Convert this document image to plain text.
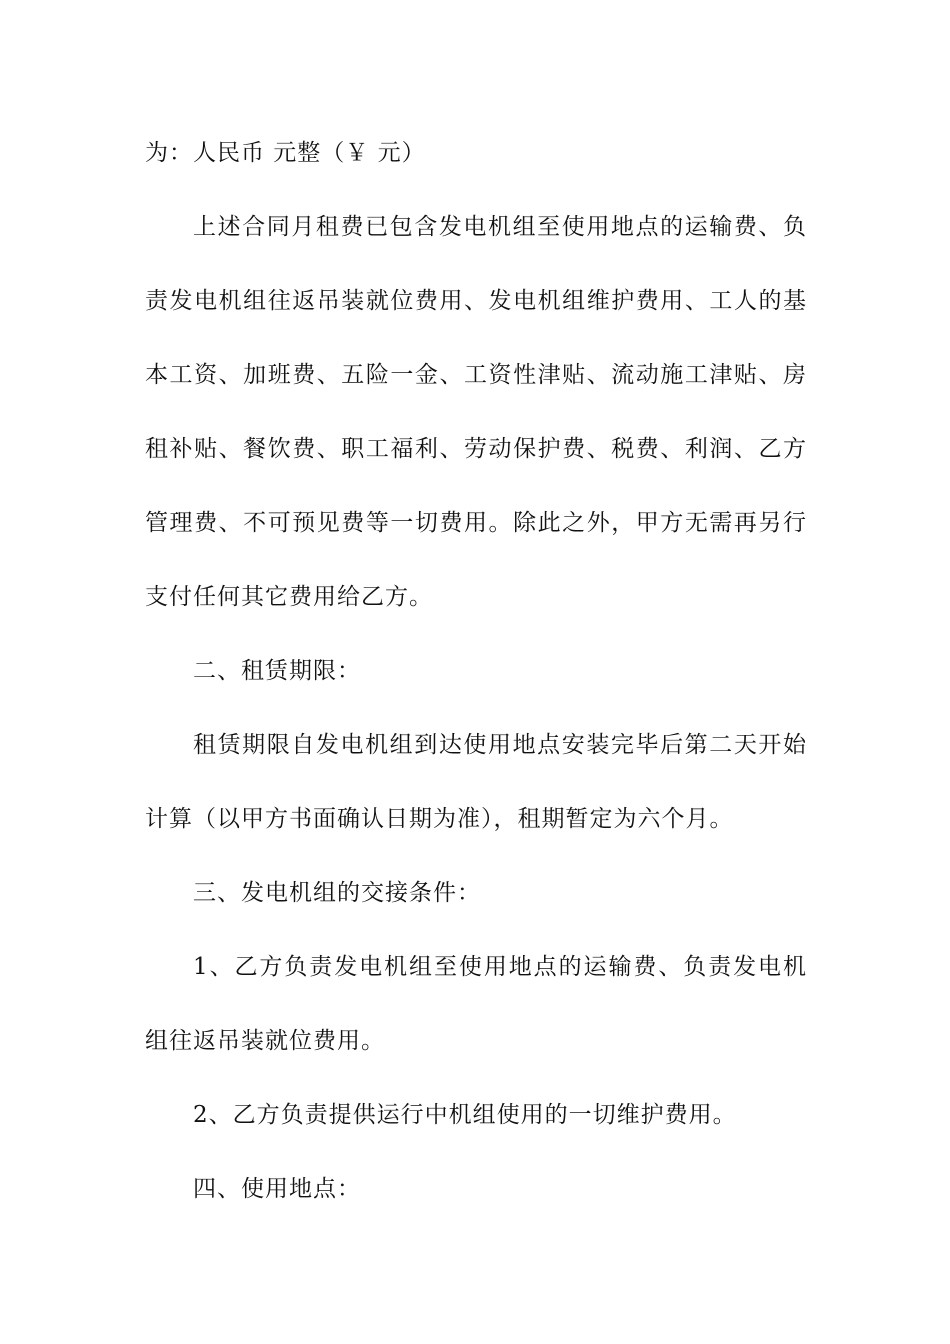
为：人民币 元整（￥ 元）

上述合同月租费已包含发电机组至使用地点的运输费、负责发电机组往返吊装就位费用、发电机组维护费用、工人的基本工资、加班费、五险一金、工资性津贴、流动施工津贴、房租补贴、餐饮费、职工福利、劳动保护费、税费、利润、乙方管理费、不可预见费等一切费用。除此之外，甲方无需再另行支付任何其它费用给乙方。

二、租赁期限：

租赁期限自发电机组到达使用地点安装完毕后第二天开始计算（以甲方书面确认日期为准），租期暂定为六个月。

三、发电机组的交接条件：

1、乙方负责发电机组至使用地点的运输费、负责发电机组往返吊装就位费用。

2、乙方负责提供运行中机组使用的一切维护费用。

四、使用地点：
